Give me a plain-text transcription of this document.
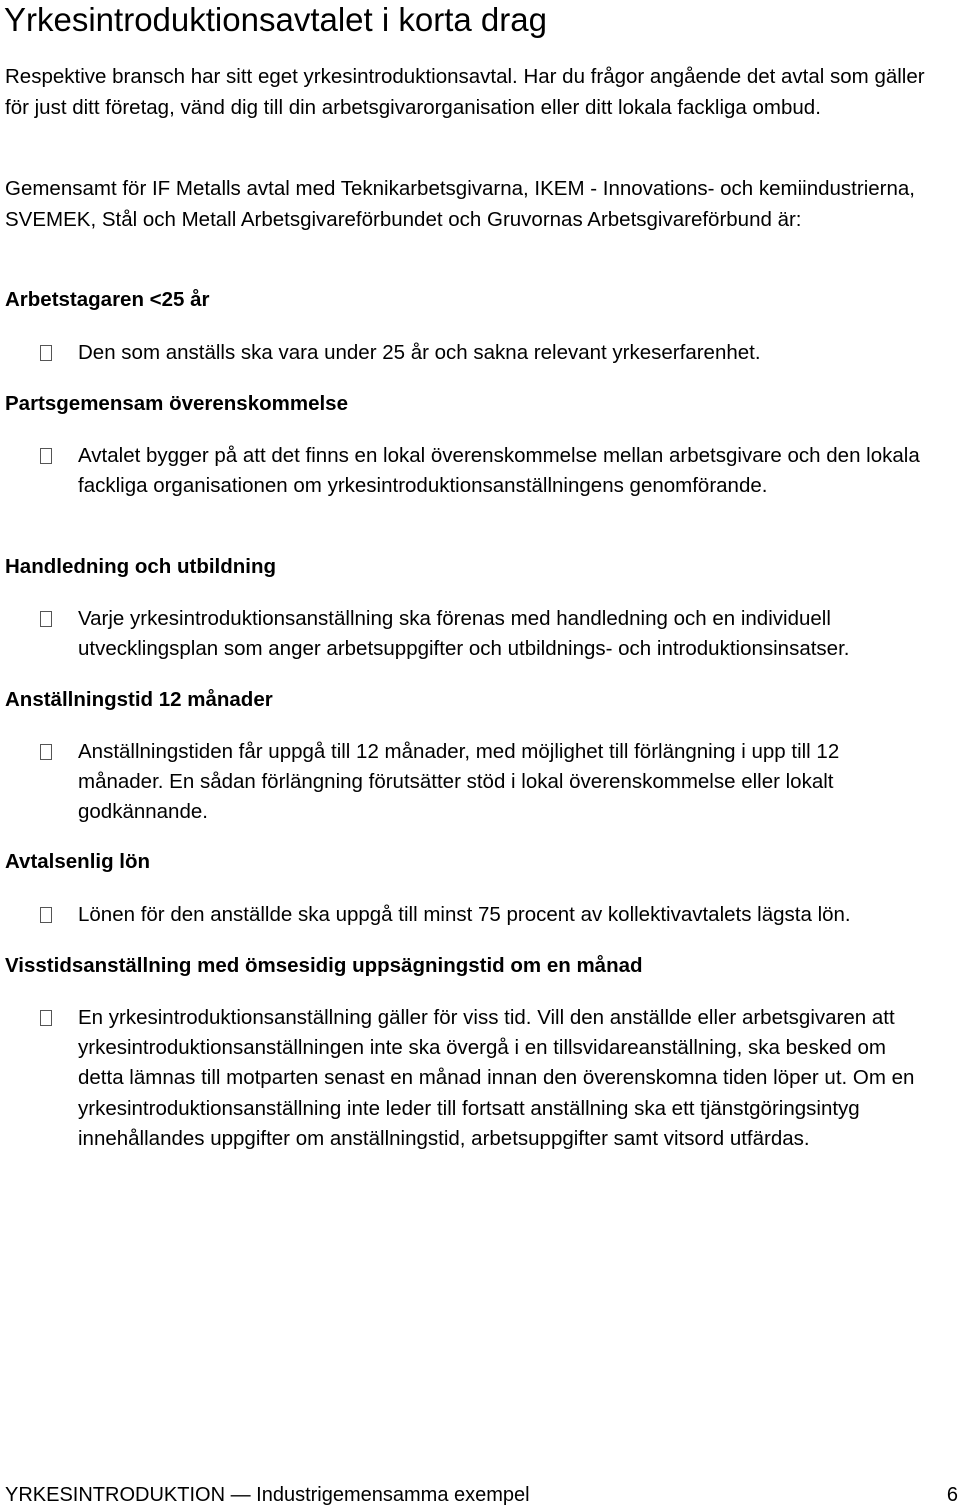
Yrkesintroduktionsavtalet i korta drag

Respektive bransch har sitt eget yrkesintroduktionsavtal. Har du frågor angående det avtal som gäller för just ditt företag, vänd dig till din arbetsgivarorganisation eller ditt lokala fackliga ombud.

Gemensamt för IF Metalls avtal med Teknikarbetsgivarna, IKEM - Innovations- och kemiindustrierna, SVEMEK, Stål och Metall Arbetsgivareförbundet och Gruvornas Arbetsgivareförbund är:

Arbetstagaren <25 år
Den som anställs ska vara under 25 år och sakna relevant yrkeserfarenhet.
Partsgemensam överenskommelse
Avtalet bygger på att det finns en lokal överenskommelse mellan arbetsgivare och den lokala fackliga organisationen om yrkesintroduktionsanställningens genomförande.
Handledning och utbildning
Varje yrkesintroduktionsanställning ska förenas med handledning och en individuell utvecklingsplan som anger arbetsuppgifter och utbildnings- och introduktionsinsatser.
Anställningstid 12 månader
Anställningstiden får uppgå till 12 månader, med möjlighet till förlängning i upp till 12 månader. En sådan förlängning förutsätter stöd i lokal överenskommelse eller lokalt godkännande.
Avtalsenlig lön
Lönen för den anställde ska uppgå till minst 75 procent av kollektivavtalets lägsta lön.
Visstidsanställning med ömsesidig uppsägningstid om en månad
En yrkesintroduktionsanställning gäller för viss tid. Vill den anställde eller arbetsgivaren att yrkesintroduktionsanställningen inte ska övergå i en tillsvidareanställning, ska besked om detta lämnas till motparten senast en månad innan den överenskomna tiden löper ut. Om en yrkesintroduktionsanställning inte leder till fortsatt anställning ska ett tjänstgöringsintyg innehållandes uppgifter om anställningstid, arbetsuppgifter samt vitsord utfärdas.
YRKESINTRODUKTION — Industrigemensamma exempel	6
